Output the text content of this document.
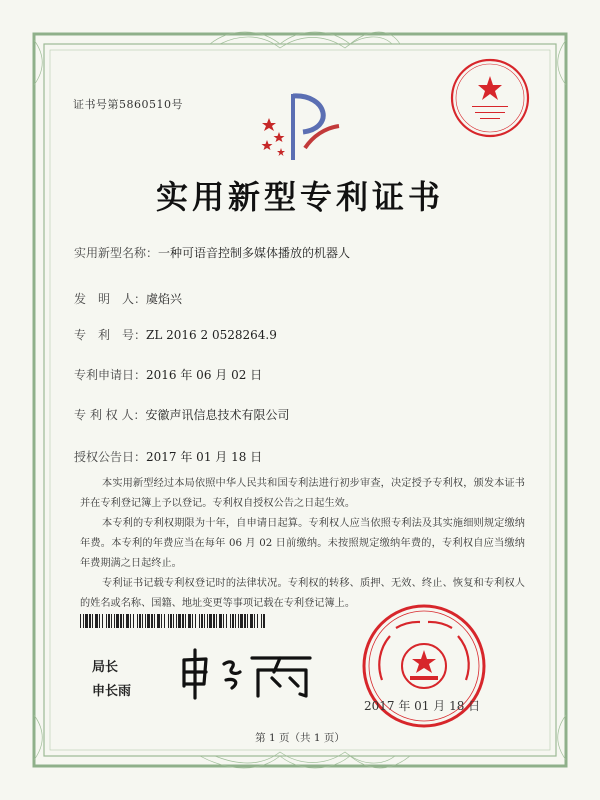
证书号第5860510号
实用新型专利证书
实用新型名称：一种可语音控制多媒体播放的机器人
发　明　人：虞焰兴
专　利　号：ZL 2016 2 0528264.9
专利申请日：2016 年 06 月 02 日
专 利 权 人：安徽声讯信息技术有限公司
授权公告日：2017 年 01 月 18 日

本实用新型经过本局依照中华人民共和国专利法进行初步审查，决定授予专利权，颁发本证书并在专利登记簿上予以登记。专利权自授权公告之日起生效。

本专利的专利权期限为十年，自申请日起算。专利权人应当依照专利法及其实施细则规定缴纳年费。本专利的年费应当在每年 06 月 02 日前缴纳。未按照规定缴纳年费的，专利权自应当缴纳年费期满之日起终止。

专利证书记载专利权登记时的法律状况。专利权的转移、质押、无效、终止、恢复和专利权人的姓名或名称、国籍、地址变更等事项记载在专利登记簿上。

局长
申长雨
2017 年 01 月 18 日
第 1 页（共 1 页）
